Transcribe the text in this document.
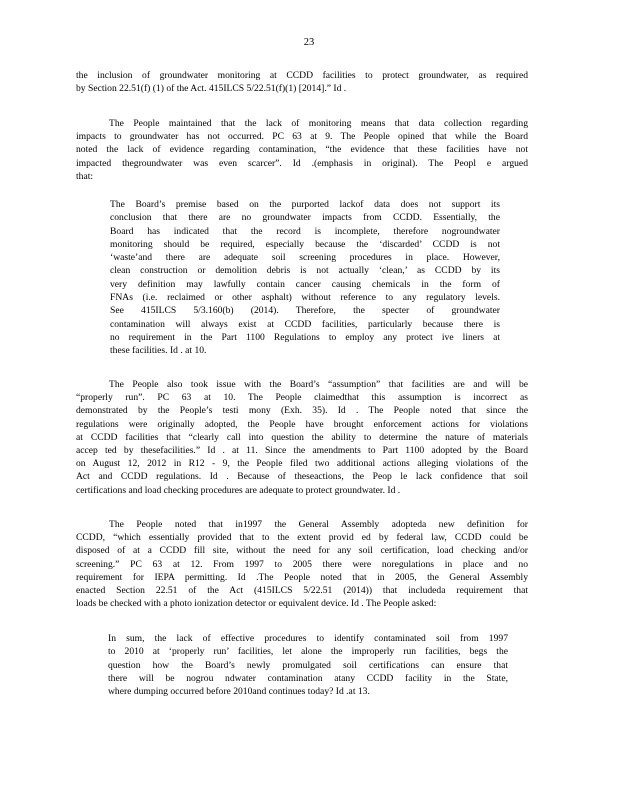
23

the inclusion of groundwater monitoring at CCDD facilities to protect groundwater, as required
by Section 22.51(f) (1) of the Act. 415ILCS 5/22.51(f)(1) [2014].” Id .

The People maintained that the lack of monitoring means that data collection regarding
impacts to groundwater has not occurred. PC 63 at 9. The People opined that while the Board
noted the lack of evidence regarding contamination, “the evidence that these facilities have not
impacted thegroundwater was even scarcer”. Id .(emphasis in original). The Peopl e argued
that:

The Board’s premise based on the purported lackof data does not support its
conclusion that there are no groundwater impacts from CCDD. Essentially, the
Board has indicated that the record is incomplete, therefore nogroundwater
monitoring should be required, especially because the ‘discarded’ CCDD is not
‘waste’and there are adequate soil screening procedures in place. However,
clean construction or demolition debris is not actually ‘clean,’ as CCDD by its
very definition may lawfully contain cancer causing chemicals in the form of
FNAs (i.e. reclaimed or other asphalt) without reference to any regulatory levels.
See 415ILCS 5/3.160(b) (2014). Therefore, the specter of groundwater
contamination will always exist at CCDD facilities, particularly because there is
no requirement in the Part 1100 Regulations to employ any protect ive liners at
these facilities. Id . at 10.

The People also took issue with the Board’s “assumption” that facilities are and will be
“properly run”. PC 63 at 10. The People claimedthat this assumption is incorrect as
demonstrated by the People’s testi mony (Exh. 35). Id . The People noted that since the
regulations were originally adopted, the People have brought enforcement actions for violations
at CCDD facilities that “clearly call into question the ability to determine the nature of materials
accep ted by thesefacilities.” Id . at 11. Since the amendments to Part 1100 adopted by the Board
on August 12, 2012 in R12 - 9, the People filed two additional actions alleging violations of the
Act and CCDD regulations. Id . Because of theseactions, the Peop le lack confidence that soil
certifications and load checking procedures are adequate to protect groundwater. Id .

The People noted that in1997 the General Assembly adopteda new definition for
CCDD, “which essentially provided that to the extent provid ed by federal law, CCDD could be
disposed of at a CCDD fill site, without the need for any soil certification, load checking and/or
screening.” PC 63 at 12. From 1997 to 2005 there were noregulations in place and no
requirement for IEPA permitting. Id .The People noted that in 2005, the General Assembly
enacted Section 22.51 of the Act (415ILCS 5/22.51 (2014)) that includeda requirement that
loads be checked with a photo ionization detector or equivalent device. Id . The People asked:

In sum, the lack of effective procedures to identify contaminated soil from 1997
to 2010 at ‘properly run’ facilities, let alone the improperly run facilities, begs the
question how the Board’s newly promulgated soil certifications can ensure that
there will be nogrou ndwater contamination atany CCDD facility in the State,
where dumping occurred before 2010and continues today? Id .at 13.
